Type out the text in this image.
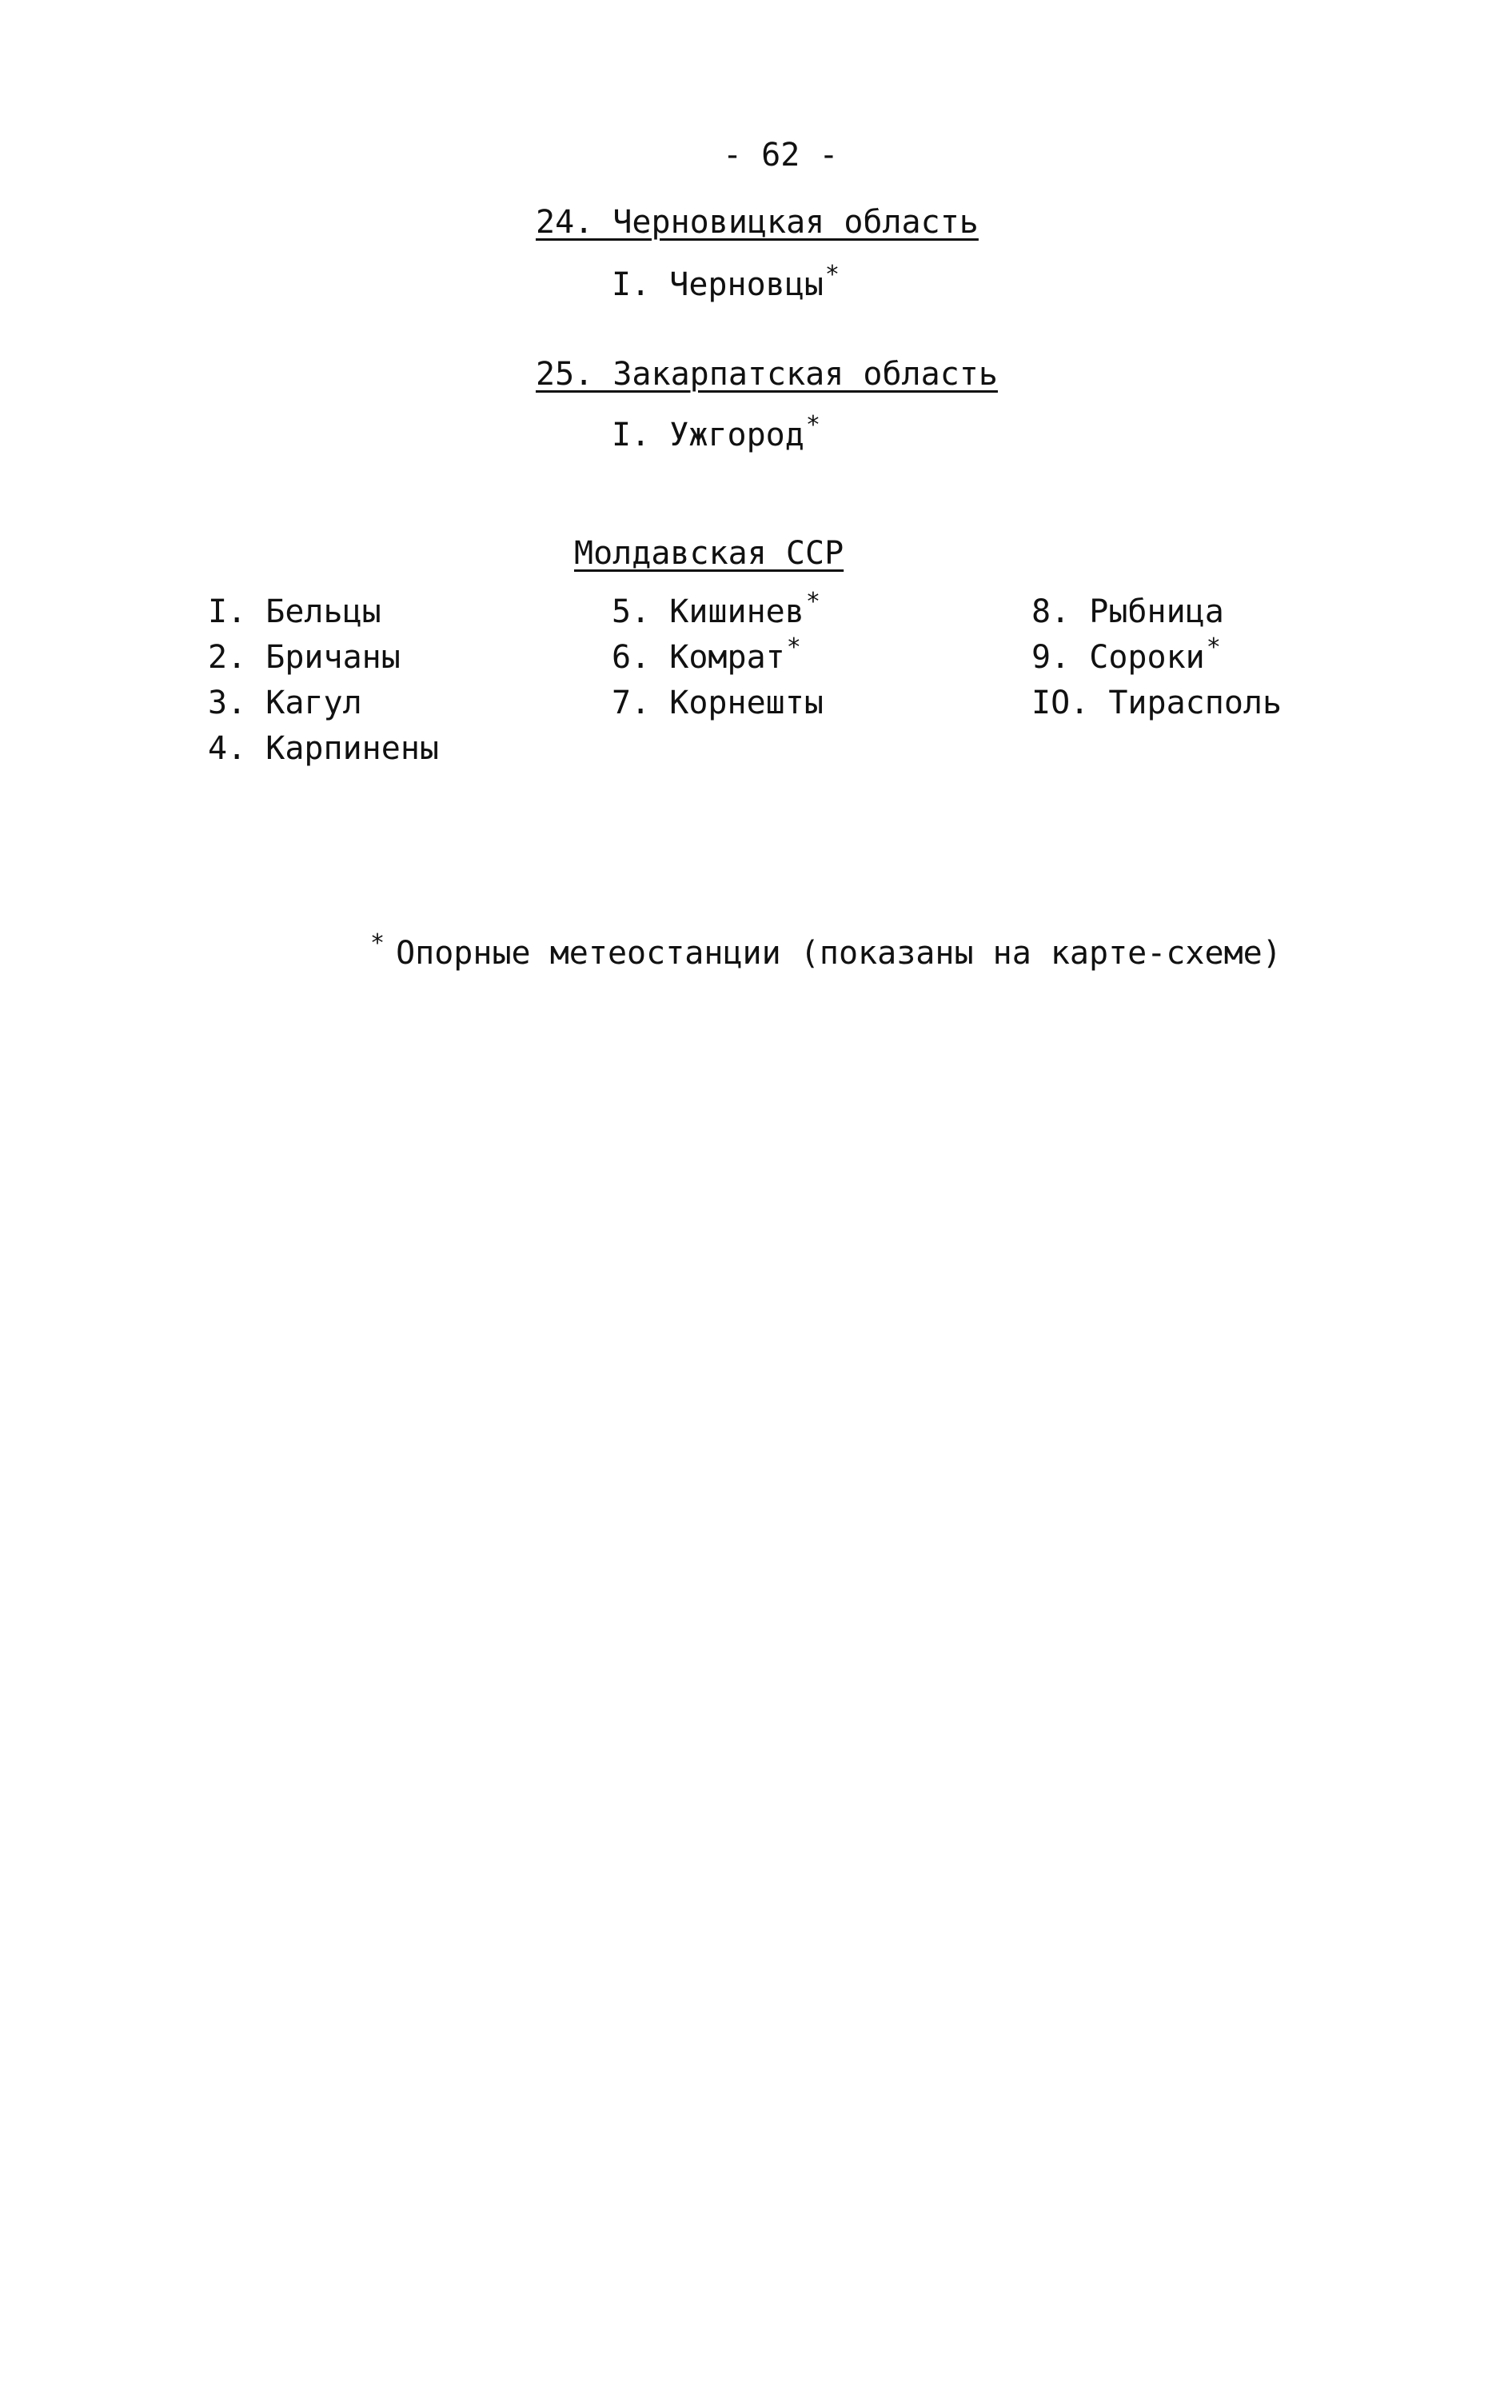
- 62 -
24. Черновицкая область
I. Черновцы*
25. Закарпатская область
I. Ужгород*
Молдавская ССР
I. Бельцы
2. Бричаны
3. Кагул
4. Карпинены
5. Кишинев*
6. Комрат*
7. Корнешты
8. Рыбница
9. Сороки*
IO. Тирасполь
* Опорные метеостанции (показаны на карте-схеме)
